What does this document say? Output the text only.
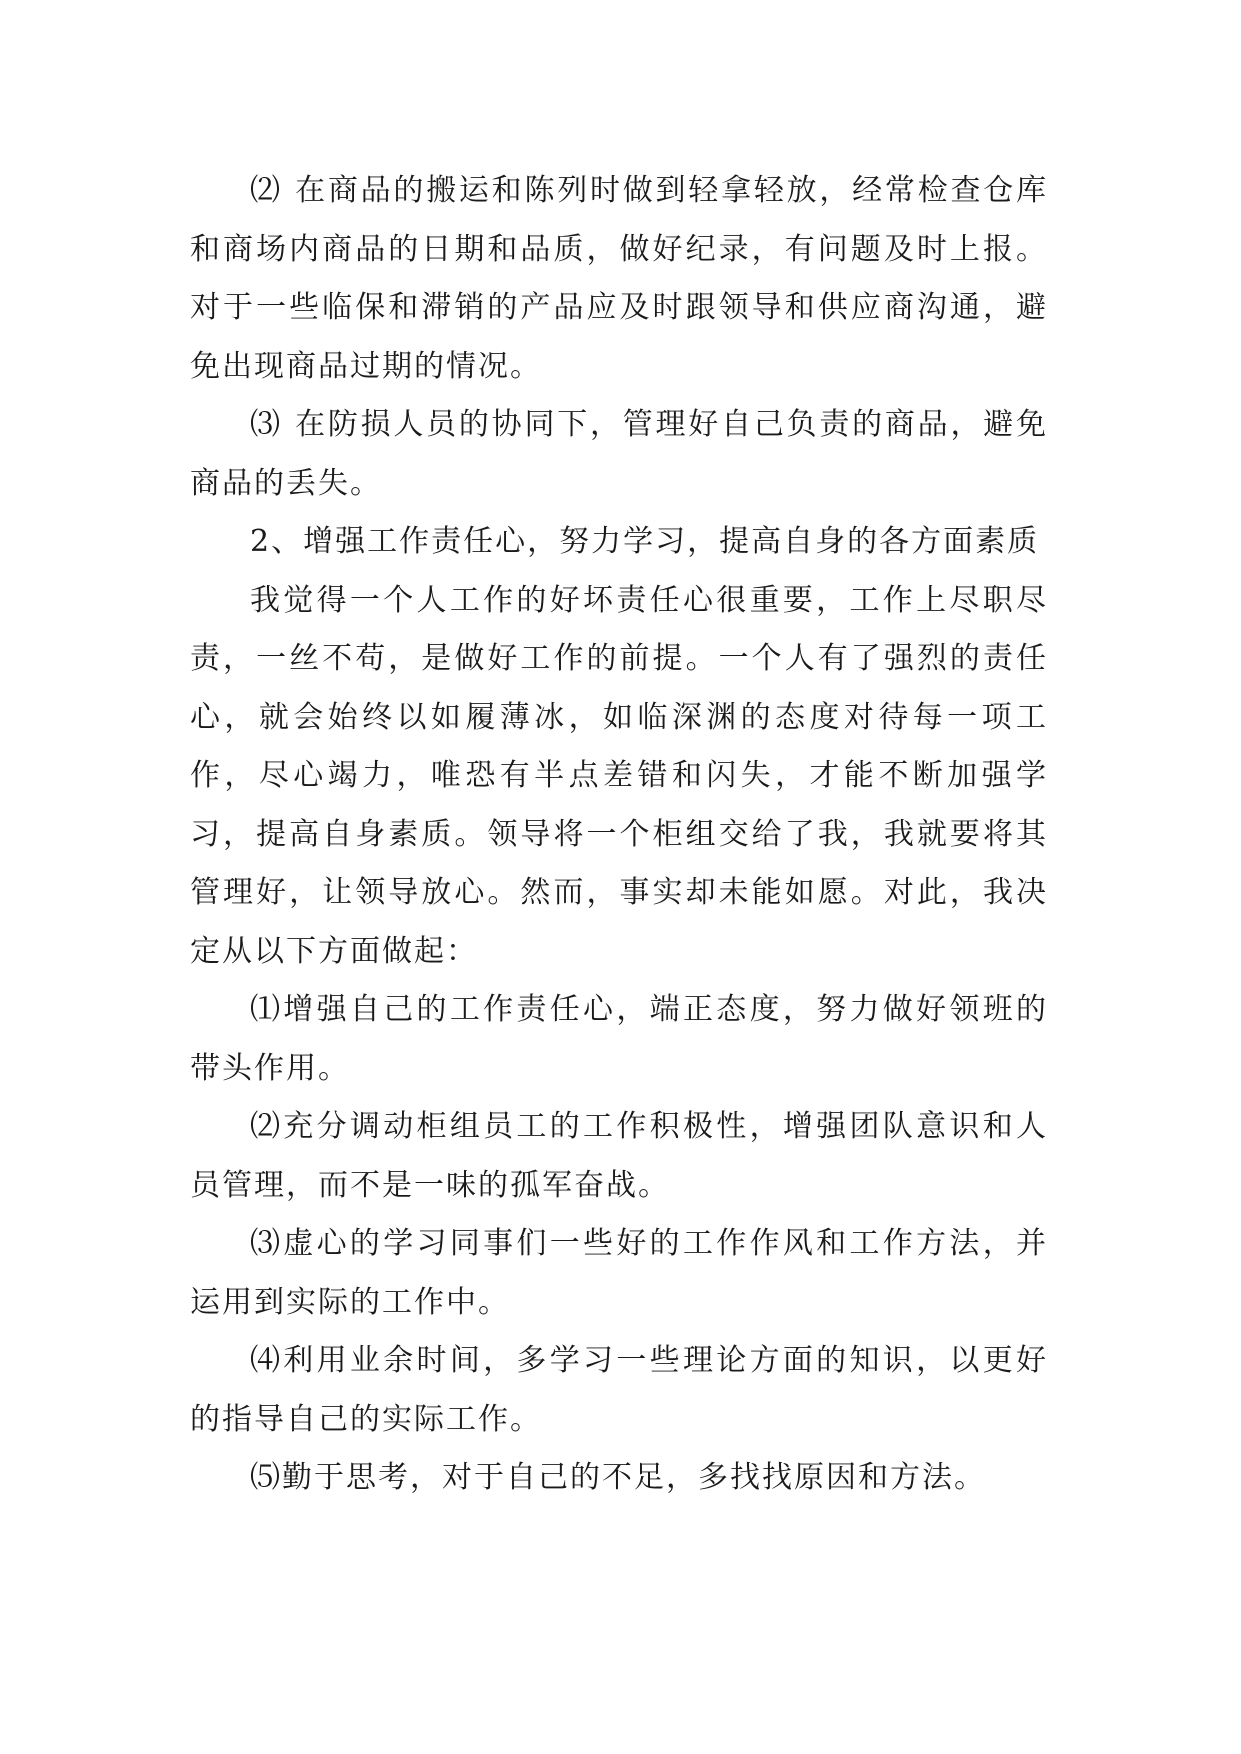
⑵ 在商品的搬运和陈列时做到轻拿轻放，经常检查仓库和商场内商品的日期和品质，做好纪录，有问题及时上报。对于一些临保和滞销的产品应及时跟领导和供应商沟通，避免出现商品过期的情况。

⑶ 在防损人员的协同下，管理好自己负责的商品，避免商品的丢失。

2、增强工作责任心，努力学习，提高自身的各方面素质

我觉得一个人工作的好坏责任心很重要，工作上尽职尽责，一丝不苟，是做好工作的前提。一个人有了强烈的责任心，就会始终以如履薄冰，如临深渊的态度对待每一项工作，尽心竭力，唯恐有半点差错和闪失，才能不断加强学习，提高自身素质。领导将一个柜组交给了我，我就要将其管理好，让领导放心。然而，事实却未能如愿。对此，我决定从以下方面做起：

⑴增强自己的工作责任心，端正态度，努力做好领班的带头作用。

⑵充分调动柜组员工的工作积极性，增强团队意识和人员管理，而不是一味的孤军奋战。

⑶虚心的学习同事们一些好的工作作风和工作方法，并运用到实际的工作中。

⑷利用业余时间，多学习一些理论方面的知识，以更好的指导自己的实际工作。

⑸勤于思考，对于自己的不足，多找找原因和方法。
